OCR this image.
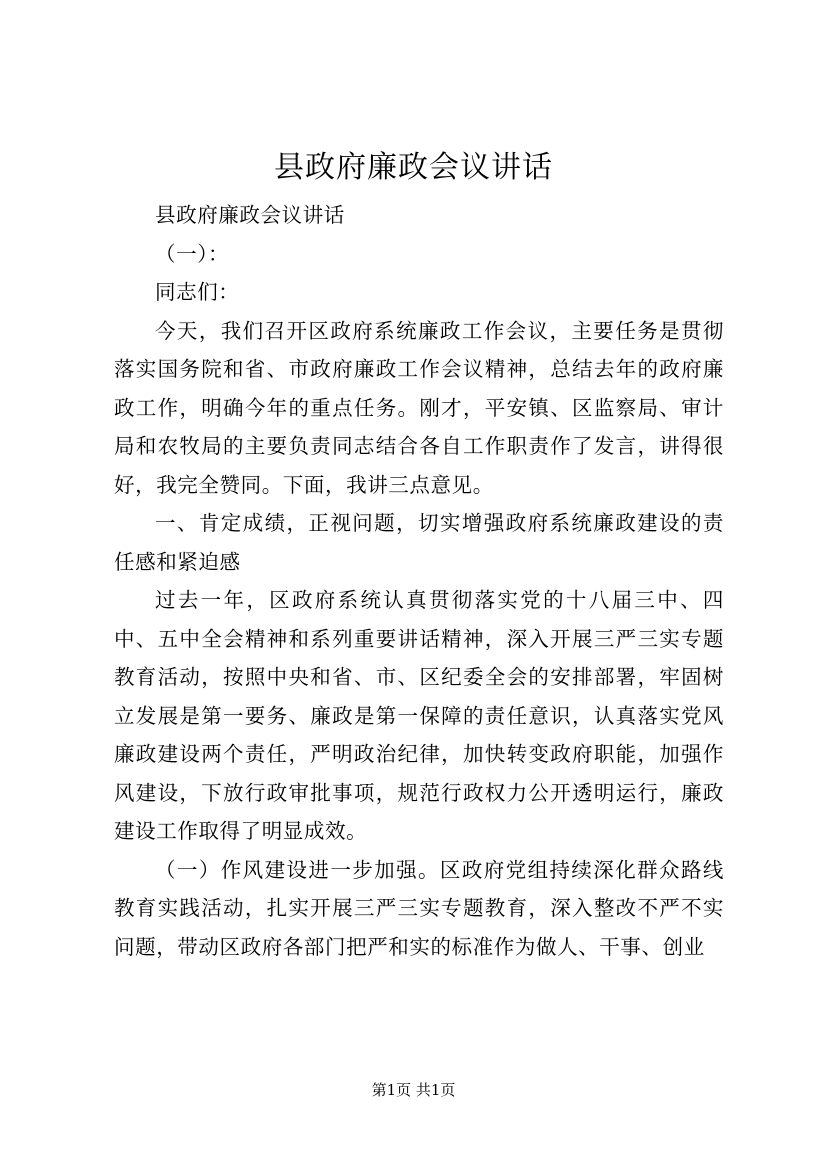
县政府廉政会议讲话

县政府廉政会议讲话

（一）：

同志们：

今天，我们召开区政府系统廉政工作会议，主要任务是贯彻落实国务院和省、市政府廉政工作会议精神，总结去年的政府廉政工作，明确今年的重点任务。刚才，平安镇、区监察局、审计局和农牧局的主要负责同志结合各自工作职责作了发言，讲得很好，我完全赞同。下面，我讲三点意见。

一、肯定成绩，正视问题，切实增强政府系统廉政建设的责任感和紧迫感

过去一年，区政府系统认真贯彻落实党的十八届三中、四中、五中全会精神和系列重要讲话精神，深入开展三严三实专题教育活动，按照中央和省、市、区纪委全会的安排部署，牢固树立发展是第一要务、廉政是第一保障的责任意识，认真落实党风廉政建设两个责任，严明政治纪律，加快转变政府职能，加强作风建设，下放行政审批事项，规范行政权力公开透明运行，廉政建设工作取得了明显成效。

（一）作风建设进一步加强。区政府党组持续深化群众路线教育实践活动，扎实开展三严三实专题教育，深入整改不严不实问题，带动区政府各部门把严和实的标准作为做人、干事、创业

第1页 共1页
